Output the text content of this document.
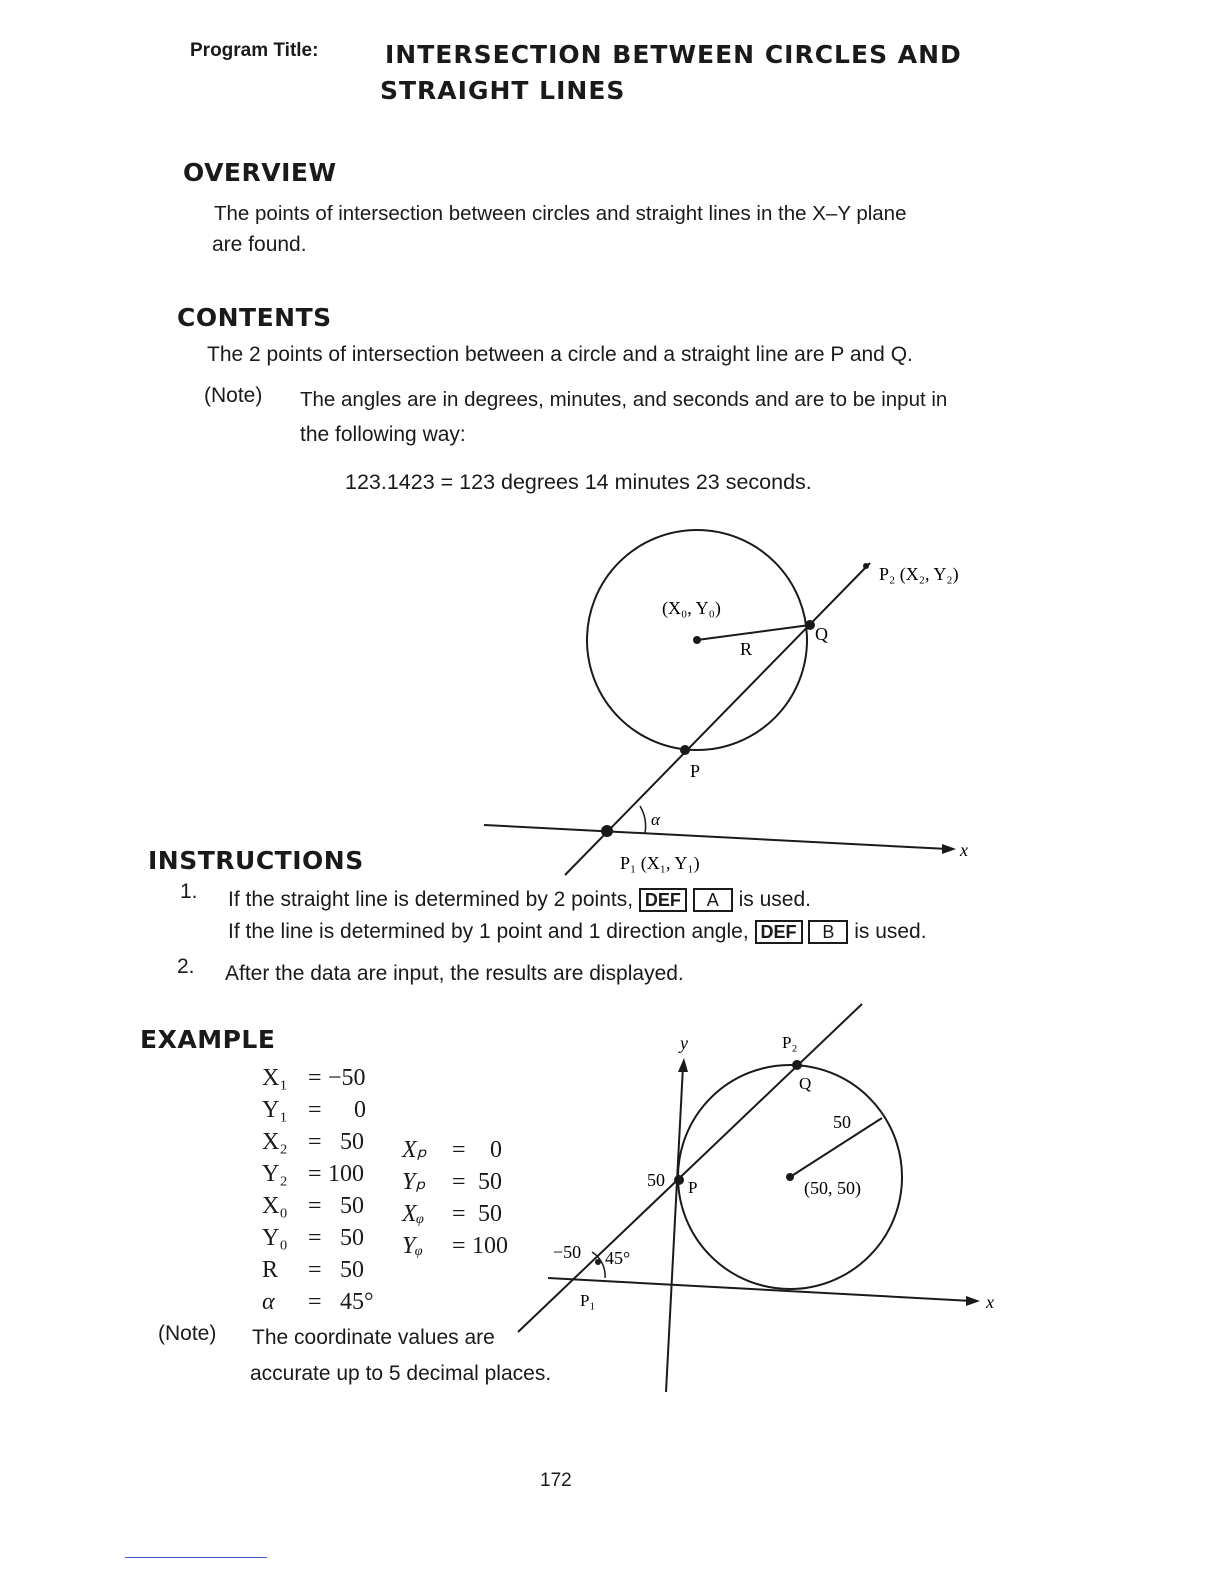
Program Title:	INTERSECTION BETWEEN CIRCLES AND
STRAIGHT LINES
OVERVIEW
The points of intersection between circles and straight lines in the X–Y plane
are found.
CONTENTS
The 2 points of intersection between a circle and a straight line are P and Q.
(Note) The angles are in degrees, minutes, and seconds and are to be input in
the following way:
123.1423 = 123 degrees 14 minutes 23 seconds.
P₂ (X₂, Y₂)
(X₀, Y₀)
R
Q
P
α
P₁ (X₁, Y₁)
x
INSTRUCTIONS
1. If the straight line is determined by 2 points, DEF A is used.
If the line is determined by 1 point and 1 direction angle, DEF B is used.
2. After the data are input, the results are displayed.
EXAMPLE
X₁ = −50
Y₁ = 0
X₂ = 50
Y₂ = 100
X₀ = 50
Y₀ = 50
R = 50
α = 45°
Xₚ = 0
Yₚ = 50
Xᵩ = 50
Yᵩ = 100
(Note) The coordinate values are
accurate up to 5 decimal places.
y
x
P₂
Q
50
(50, 50)
50 P
−50 45°
P₁
172
